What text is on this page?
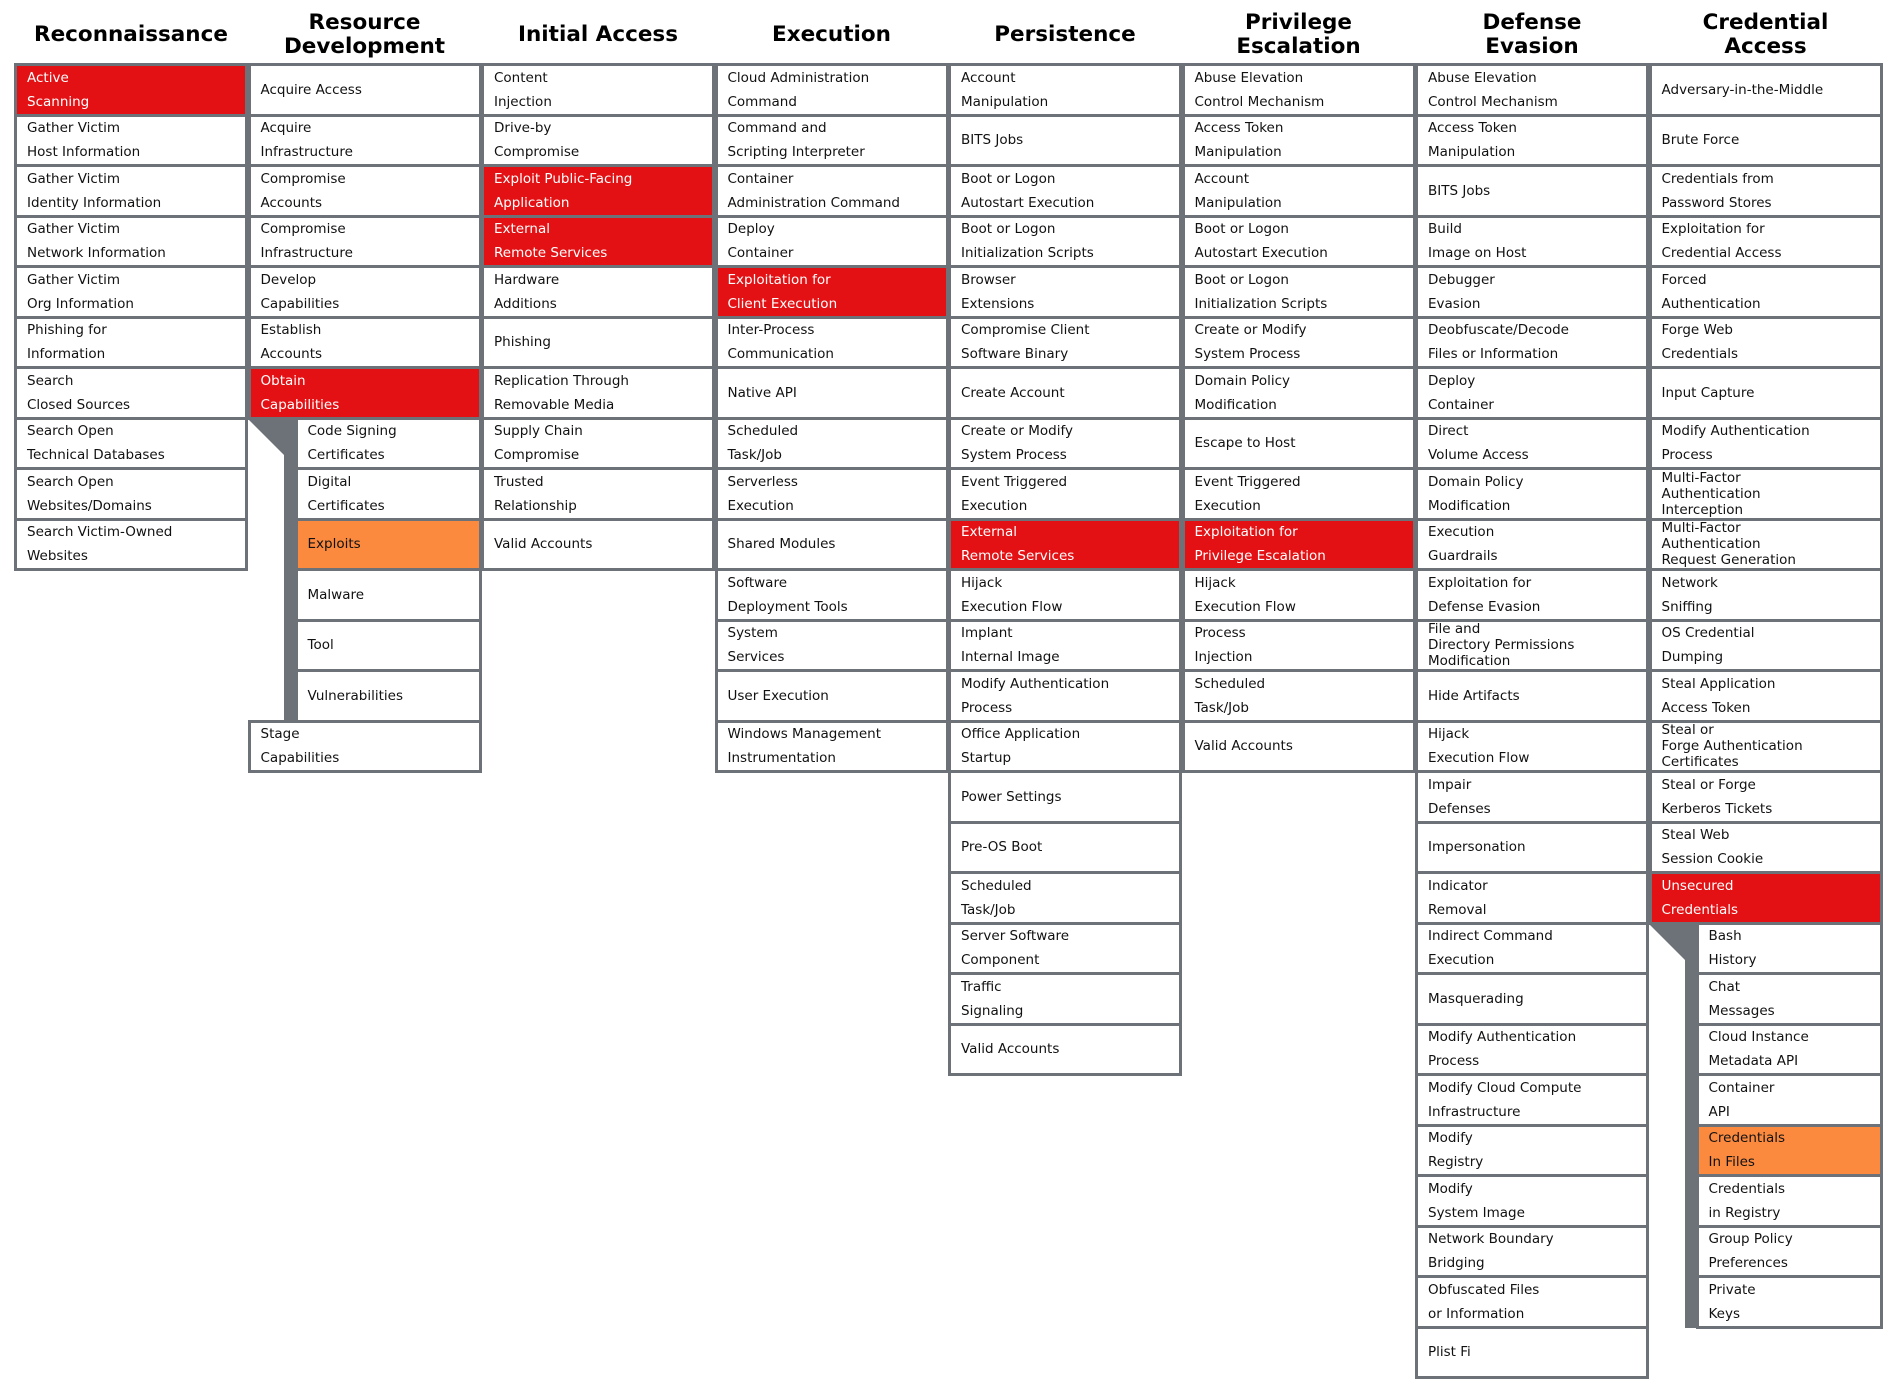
Reconnaissance
Active
Scanning
Gather Victim
Host Information
Gather Victim
Identity Information
Gather Victim
Network Information
Gather Victim
Org Information
Phishing for
Information
Search
Closed Sources
Search Open
Technical Databases
Search Open
Websites/Domains
Search Victim-Owned
Websites
Resource
Development
Acquire Access
Acquire
Infrastructure
Compromise
Accounts
Compromise
Infrastructure
Develop
Capabilities
Establish
Accounts
Obtain
Capabilities
Code Signing
Certificates
Digital
Certificates
Exploits
Malware
Tool
Vulnerabilities
Stage
Capabilities
Initial Access
Content
Injection
Drive-by
Compromise
Exploit Public-Facing
Application
External
Remote Services
Hardware
Additions
Phishing
Replication Through
Removable Media
Supply Chain
Compromise
Trusted
Relationship
Valid Accounts
Execution
Cloud Administration
Command
Command and
Scripting Interpreter
Container
Administration Command
Deploy
Container
Exploitation for
Client Execution
Inter-Process
Communication
Native API
Scheduled
Task/Job
Serverless
Execution
Shared Modules
Software
Deployment Tools
System
Services
User Execution
Windows Management
Instrumentation
Persistence
Account
Manipulation
BITS Jobs
Boot or Logon
Autostart Execution
Boot or Logon
Initialization Scripts
Browser
Extensions
Compromise Client
Software Binary
Create Account
Create or Modify
System Process
Event Triggered
Execution
External
Remote Services
Hijack
Execution Flow
Implant
Internal Image
Modify Authentication
Process
Office Application
Startup
Power Settings
Pre-OS Boot
Scheduled
Task/Job
Server Software
Component
Traffic
Signaling
Valid Accounts
Privilege
Escalation
Abuse Elevation
Control Mechanism
Access Token
Manipulation
Account
Manipulation
Boot or Logon
Autostart Execution
Boot or Logon
Initialization Scripts
Create or Modify
System Process
Domain Policy
Modification
Escape to Host
Event Triggered
Execution
Exploitation for
Privilege Escalation
Hijack
Execution Flow
Process
Injection
Scheduled
Task/Job
Valid Accounts
Defense
Evasion
Abuse Elevation
Control Mechanism
Access Token
Manipulation
BITS Jobs
Build
Image on Host
Debugger
Evasion
Deobfuscate/Decode
Files or Information
Deploy
Container
Direct
Volume Access
Domain Policy
Modification
Execution
Guardrails
Exploitation for
Defense Evasion
File and
Directory Permissions
Modification
Hide Artifacts
Hijack
Execution Flow
Impair
Defenses
Impersonation
Indicator
Removal
Indirect Command
Execution
Masquerading
Modify Authentication
Process
Modify Cloud Compute
Infrastructure
Modify
Registry
Modify
System Image
Network Boundary
Bridging
Obfuscated Files
or Information
Plist Fi
Credential
Access
Adversary-in-the-Middle
Brute Force
Credentials from
Password Stores
Exploitation for
Credential Access
Forced
Authentication
Forge Web
Credentials
Input Capture
Modify Authentication
Process
Multi-Factor
Authentication
Interception
Multi-Factor
Authentication
Request Generation
Network
Sniffing
OS Credential
Dumping
Steal Application
Access Token
Steal or
Forge Authentication
Certificates
Steal or Forge
Kerberos Tickets
Steal Web
Session Cookie
Unsecured
Credentials
Bash
History
Chat
Messages
Cloud Instance
Metadata API
Container
API
Credentials
In Files
Credentials
in Registry
Group Policy
Preferences
Private
Keys
